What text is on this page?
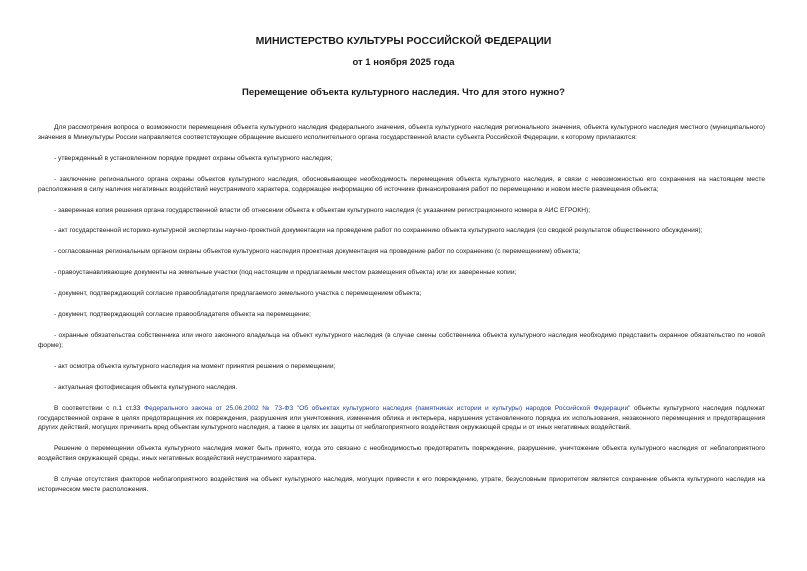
МИНИСТЕРСТВО КУЛЬТУРЫ РОССИЙСКОЙ ФЕДЕРАЦИИ
от 1 ноября 2025 года
Перемещение объекта культурного наследия. Что для этого нужно?

Для рассмотрения вопроса о возможности перемещения объекта культурного наследия федерального значения, объекта культурного наследия регионального значения, объекта культурного наследия местного (муниципального) значения в Минкультуры России направляется соответствующее обращение высшего исполнительного органа государственной власти субъекта Российской Федерации, к которому прилагаются:

- утвержденный в установленном порядке предмет охраны объекта культурного наследия;

- заключение регионального органа охраны объектов культурного наследия, обосновывающее необходимость перемещения объекта культурного наследия, в связи с невозможностью его сохранения на настоящем месте расположения в силу наличия негативных воздействий неустранимого характера, содержащее информацию об источнике финансирования работ по перемещению и новом месте размещения объекта;

- заверенная копия решения органа государственной власти об отнесении объекта к объектам культурного наследия (с указанием регистрационного номера в АИС ЕГРОКН);

- акт государственной историко-культурной экспертизы научно-проектной документации на проведение работ по сохранению объекта культурного наследия (со сводкой результатов общественного обсуждения);

- согласованная региональным органом охраны объектов культурного наследия проектная документация на проведение работ по сохранению (с перемещением) объекта;

- правоустанавливающие документы на земельные участки (под настоящим и предлагаемым местом размещения объекта) или их заверенные копии;

- документ, подтверждающий согласие правообладателя предлагаемого земельного участка с перемещением объекта;

- документ, подтверждающий согласие правообладателя объекта на перемещение;

- охранные обязательства собственника или иного законного владельца на объект культурного наследия (в случае смены собственника объекта культурного наследия необходимо представить охранное обязательство по новой форме);

- акт осмотра объекта культурного наследия на момент принятия решения о перемещении;

- актуальная фотофиксация объекта культурного наследия.

В соответствии с п.1 ст.33 Федерального закона от 25.06.2002 № 73-ФЗ "Об объектах культурного наследия (памятниках истории и культуры) народов Российской Федерации" объекты культурного наследия подлежат государственной охране в целях предотвращения их повреждения, разрушения или уничтожения, изменения облика и интерьера, нарушения установленного порядка их использования, незаконного перемещения и предотвращения других действий, могущих причинить вред объектам культурного наследия, а также в целях их защиты от неблагоприятного воздействия окружающей среды и от иных негативных воздействий.

Решение о перемещении объекта культурного наследия может быть принято, когда это связано с необходимостью предотвратить повреждение, разрушение, уничтожение объекта культурного наследия от неблагоприятного воздействия окружающей среды, иных негативных воздействий неустранимого характера.

В случае отсутствия факторов неблагоприятного воздействия на объект культурного наследия, могущих привести к его повреждению, утрате, безусловным приоритетом является сохранение объекта культурного наследия на историческом месте расположения.
